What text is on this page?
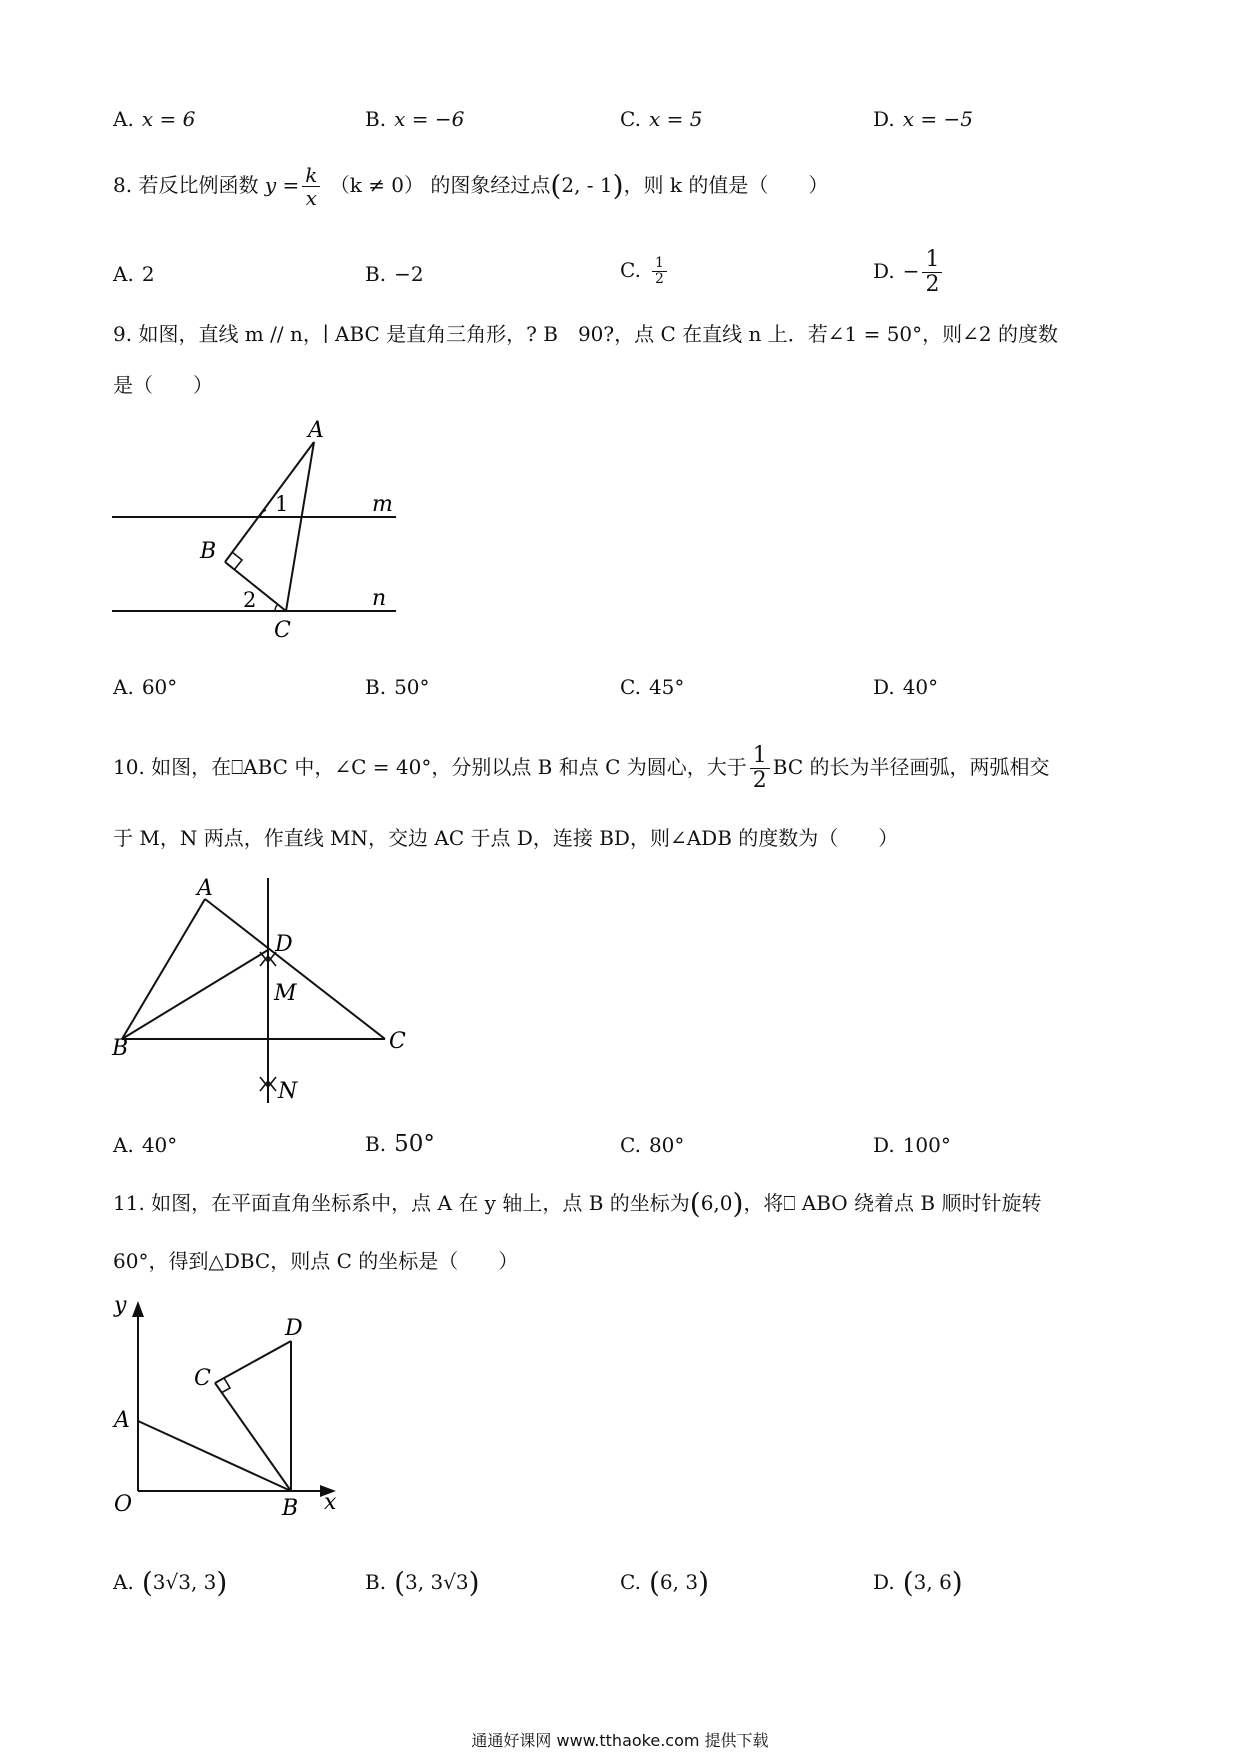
A. x = 6	B. x = −6	C. x = 5	D. x = −5
8. 若反比例函数 $y = \frac{k}{x} (k \ne 0)$ 的图象经过点(2, - 1)，则 k 的值是（　　）
A. 2	B. −2	C. $\frac{1}{2}$	D. − $\frac{1}{2}$
9. 如图，直线 m // n，∣ ABC 是直角三角形，? B　90?，点 C 在直线 n 上．若∠1 = 50°，则∠2 的度数
是（　　）
A
1	m
B
2	n
C
A. 60°	B. 50°	C. 45°	D. 40°
10. 如图，在⎕ABC 中，∠C = 40°，分别以点 B 和点 C 为圆心，大于 $\frac{1}{2}$ BC 的长为半径画弧，两弧相交
于 M，N 两点，作直线 MN，交边 AC 于点 D，连接 BD，则∠ADB 的度数为（　　）
A
D
M
B	C
N
A. 40°	B. 50°	C. 80°	D. 100°
11. 如图，在平面直角坐标系中，点 A 在 y 轴上，点 B 的坐标为(6,0)，将⎕ ABO 绕着点 B 顺时针旋转
60°，得到△DBC，则点 C 的坐标是（　　）
y
D
C
A
O	B x
A. (3√3, 3)	B. (3, 3√3)	C. (6, 3)	D. (3, 6)
通通好课网 www.tthaoke.com 提供下载
